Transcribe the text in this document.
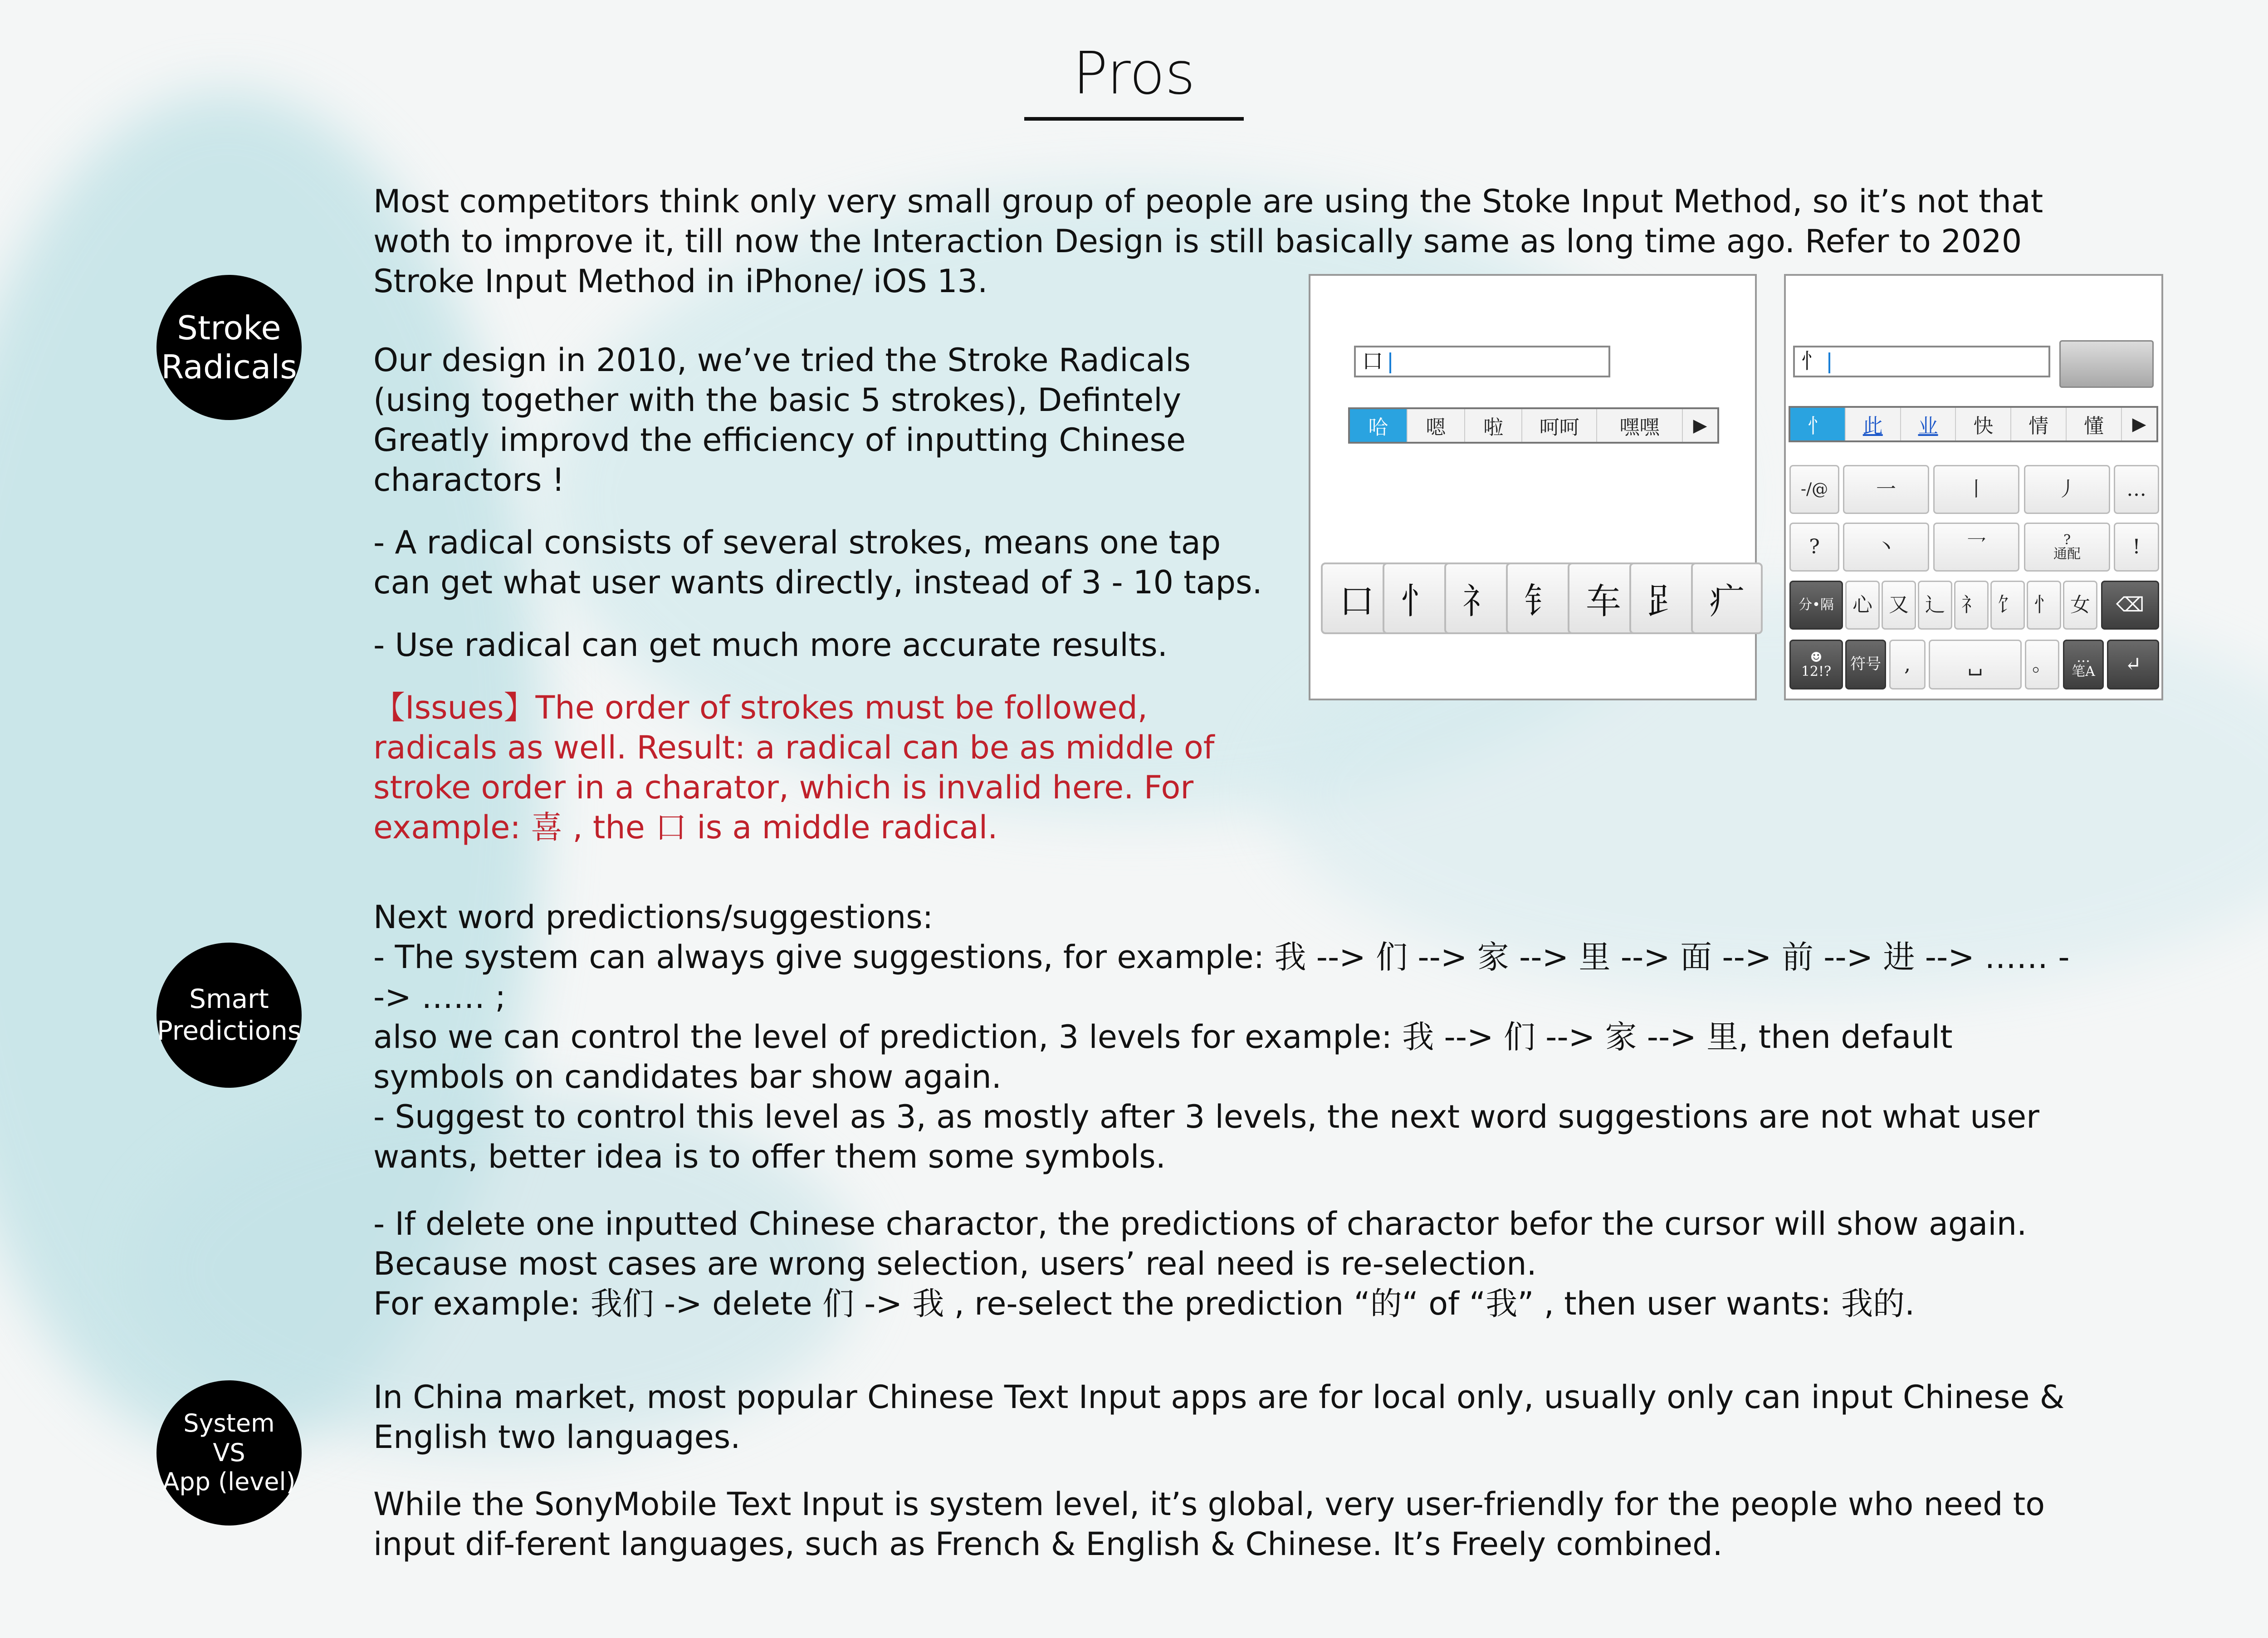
Pros
Stroke
Radicals
Smart
Predictions
System
VS
App (level)

Most competitors think only very small group of people are using the Stoke Input Method, so it’s not that woth to improve it, till now the Interaction Design is still basically same as long time ago. Refer to 2020 Stroke Input Method in iPhone/ iOS 13.

Our design in 2010, we’ve tried the Stroke Radicals (using together with the basic 5 strokes), Defintely Greatly improvd the efficiency of inputting Chinese charactors !

- A radical consists of several strokes, means one tap can get what user wants directly, instead of 3 - 10 taps.

- Use radical can get much more accurate results.

【Issues】The order of strokes must be followed, radicals as well. Result: a radical can be as middle of stroke order in a charator, which is invalid here. For example: 喜 , the 口 is a middle radical.

口
哈	嗯	啦	呵呵	嘿嘿	▶
口 忄 礻 钅 车 𧾷 疒
忄
忄	此	业	快	情	懂	▶
-/@	一	丨	丿	…
?	丶	乛	?
通配	!
分•隔 心 又 辶 礻 饣 忄 女	⌫
☻
12!?	符号	,	␣	。	…
笔A	↵

Next word predictions/suggestions:

- The system can always give suggestions, for example: 我 --> 们 --> 家 --> 里 --> 面 --> 前 --> 进 --> …… --> …… ;

also we can control the level of prediction, 3 levels for example: 我 --> 们 --> 家 --> 里, then default symbols on candidates bar show again.

- Suggest to control this level as 3, as mostly after 3 levels, the next word suggestions are not what user wants, better idea is to offer them some symbols.

- If delete one inputted Chinese charactor, the predictions of charactor befor the cursor will show again. Because most cases are wrong selection, users’ real need is re-selection.

For example: 我们 -> delete 们 -> 我 , re-select the prediction “的“ of “我” , then user wants: 我的.

In China market, most popular Chinese Text Input apps are for local only, usually only can input Chinese & English two languages.

While the SonyMobile Text Input is system level, it’s global, very user-friendly for the people who need to input dif-ferent languages, such as French & English & Chinese. It’s Freely combined.
